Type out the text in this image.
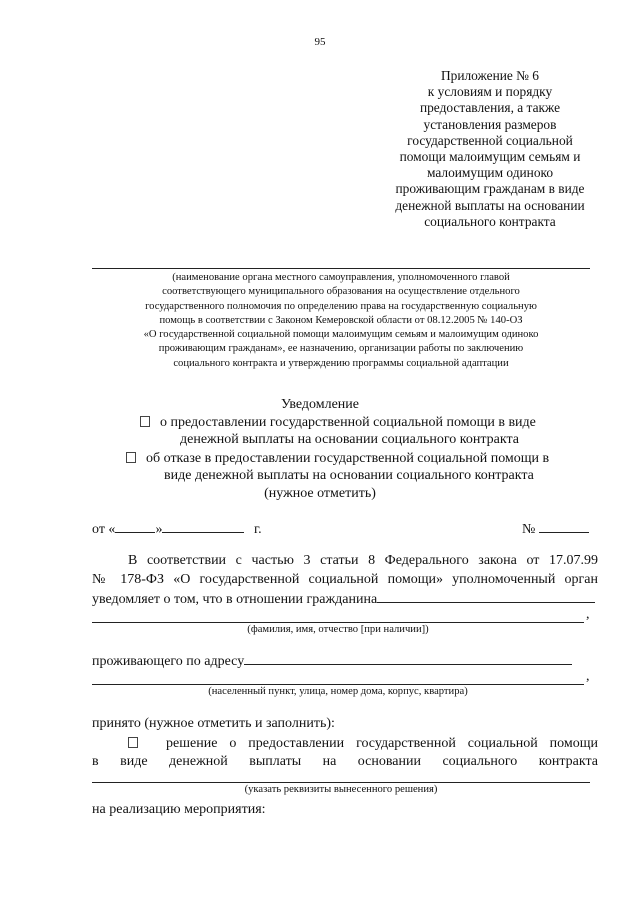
95
Приложение № 6
к условиям и порядку
предоставления, а также
установления размеров
государственной социальной
помощи малоимущим семьям и
малоимущим одиноко
проживающим гражданам в виде
денежной выплаты на основании
социального контракта
(наименование органа местного самоуправления, уполномоченного главой
соответствующего муниципального образования на осуществление отдельного
государственного полномочия по определению права на государственную социальную
помощь в соответствии с Законом Кемеровской области от 08.12.2005 № 140-ОЗ
«О государственной социальной помощи малоимущим семьям и малоимущим одиноко
проживающим гражданам», ее назначению, организации работы по заключению
социального контракта и утверждению программы социальной адаптации
Уведомление
о предоставлении государственной социальной помощи в виде
денежной выплаты на основании социального контракта
об отказе в предоставлении государственной социальной помощи в
виде денежной выплаты на основании социального контракта
(нужное отметить)
от «	»	г.	№
В соответствии с частью 3 статьи 8 Федерального закона от 17.07.99
№ 178-ФЗ «О государственной социальной помощи» уполномоченный орган
уведомляет о том, что в отношении гражданина
,
(фамилия, имя, отчество [при наличии])
проживающего по адресу
,
(населенный пункт, улица, номер дома, корпус, квартира)
принято (нужное отметить и заполнить):
решение о предоставлении государственной социальной помощи
в виде денежной выплаты на основании социального контракта
(указать реквизиты вынесенного решения)
на реализацию мероприятия:
